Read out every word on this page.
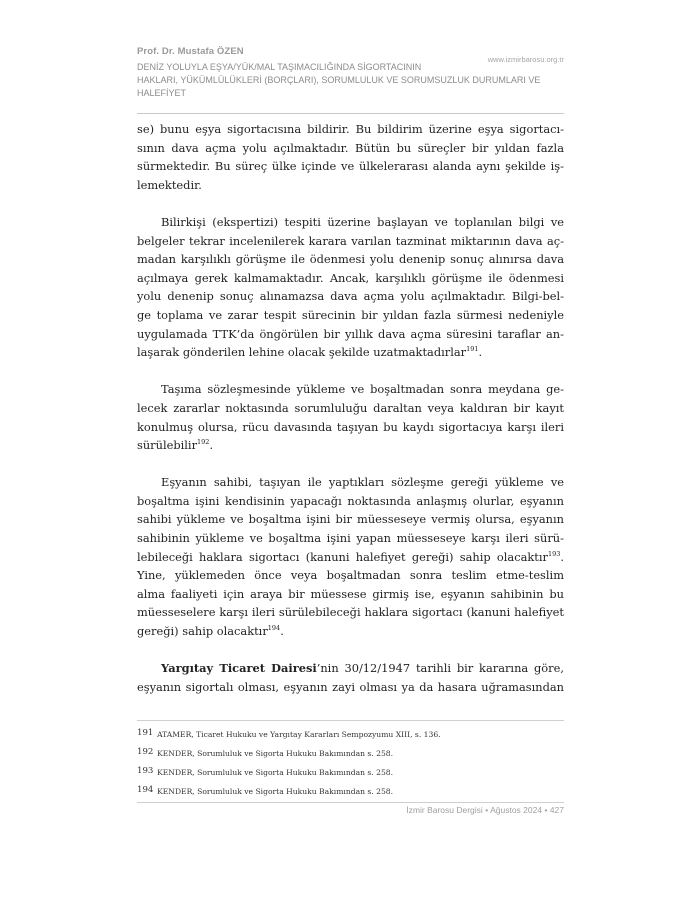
Prof. Dr. Mustafa ÖZEN
www.izmirbarosu.org.tr
DENİZ YOLUYLA EŞYA/YÜK/MAL TAŞIMACILIĞINDA SİGORTACININ
HAKLARI, YÜKÜMLÜLÜKLERİ (BORÇLARI), SORUMLULUK VE SORUMSUZLUK DURUMLARI VE
HALEFİYET
se) bunu eşya sigortacısına bildirir. Bu bildirim üzerine eşya sigortacı-
sının dava açma yolu açılmaktadır. Bütün bu süreçler bir yıldan fazla
sürmektedir. Bu süreç ülke içinde ve ülkelerarası alanda aynı şekilde iş-
lemektedir.
Bilirkişi (ekspertizi) tespiti üzerine başlayan ve toplanılan bilgi ve
belgeler tekrar incelenilerek karara varılan tazminat miktarının dava aç-
madan karşılıklı görüşme ile ödenmesi yolu denenip sonuç alınırsa dava
açılmaya gerek kalmamaktadır. Ancak, karşılıklı görüşme ile ödenmesi
yolu denenip sonuç alınamazsa dava açma yolu açılmaktadır. Bilgi-bel-
ge toplama ve zarar tespit sürecinin bir yıldan fazla sürmesi nedeniyle
uygulamada TTK’da öngörülen bir yıllık dava açma süresini taraflar an-
laşarak gönderilen lehine olacak şekilde uzatmaktadırlar$^{191}$.
Taşıma sözleşmesinde yükleme ve boşaltmadan sonra meydana ge-
lecek zararlar noktasında sorumluluğu daraltan veya kaldıran bir kayıt
konulmuş olursa, rücu davasında taşıyan bu kaydı sigortacıya karşı ileri
sürülebilir$^{192}$.
Eşyanın sahibi, taşıyan ile yaptıkları sözleşme gereği yükleme ve
boşaltma işini kendisinin yapacağı noktasında anlaşmış olurlar, eşyanın
sahibi yükleme ve boşaltma işini bir müesseseye vermiş olursa, eşyanın
sahibinin yükleme ve boşaltma işini yapan müesseseye karşı ileri sürü-
lebileceği haklara sigortacı (kanuni halefiyet gereği) sahip olacaktır$^{193}$.
Yine, yüklemeden önce veya boşaltmadan sonra teslim etme-teslim
alma faaliyeti için araya bir müessese girmiş ise, eşyanın sahibinin bu
müesseselere karşı ileri sürülebileceği haklara sigortacı (kanuni halefiyet
gereği) sahip olacaktır$^{194}$.
Yargıtay Ticaret Dairesi’nin 30/12/1947 tarihli bir kararına göre,
eşyanın sigortalı olması, eşyanın zayi olması ya da hasara uğramasından
191 ATAMER, Ticaret Hukuku ve Yargıtay Kararları Sempozyumu XIII, s. 136.
192 KENDER, Sorumluluk ve Sigorta Hukuku Bakımından s. 258.
193 KENDER, Sorumluluk ve Sigorta Hukuku Bakımından s. 258.
194 KENDER, Sorumluluk ve Sigorta Hukuku Bakımından s. 258.
İzmir Barosu Dergisi • Ağustos 2024 • 427
